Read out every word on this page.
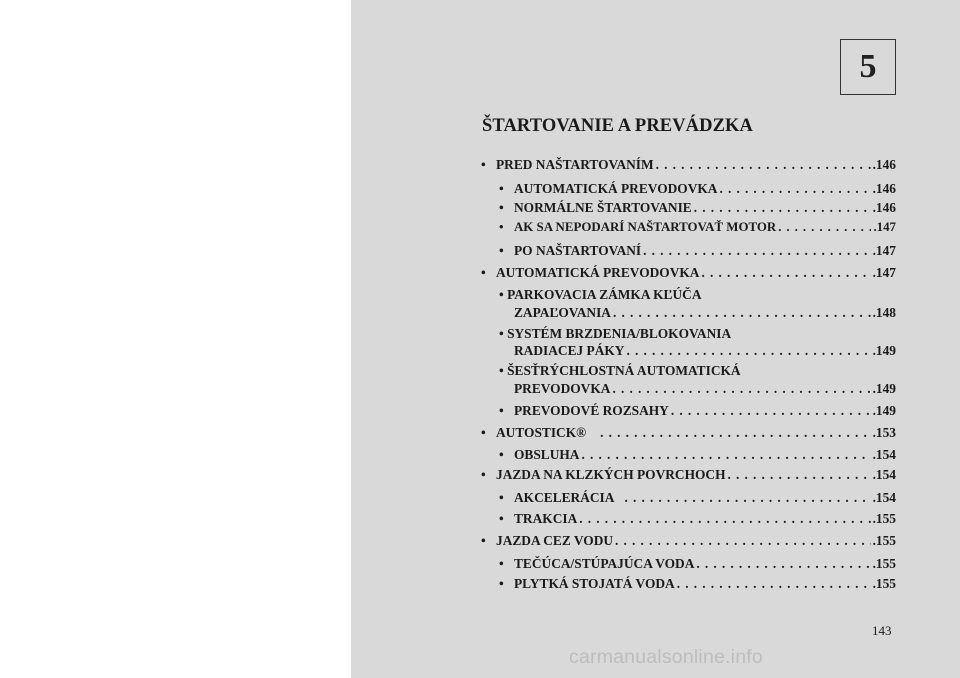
5
ŠTARTOVANIE A PREVÁDZKA
• PRED NAŠTARTOVANÍM . . .	.146
• AUTOMATICKÁ PREVODOVKA . . .	.146
• NORMÁLNE ŠTARTOVANIE . . .	.146
• AK SA NEPODARÍ NAŠTARTOVAŤ MOTOR . . .	.147
• PO NAŠTARTOVANÍ . . .	.147
• AUTOMATICKÁ PREVODOVKA . . .	.147
• PARKOVACIA ZÁMKA KĽÚČA
ZAPAĽOVANIA . . .	.148
• SYSTÉM BRZDENIA/BLOKOVANIA
RADIACEJ PÁKY . . .	.149
• ŠESŤRÝCHLOSTNÁ AUTOMATICKÁ
PREVODOVKA . . .	.149
• PREVODOVÉ ROZSAHY . . .	.149
• AUTOSTICK® . . .	.153
• OBSLUHA . . .	.154
• JAZDA NA KLZKÝCH POVRCHOCH . . .	.154
• AKCELERÁCIA . . .	.154
• TRAKCIA . . .	.155
• JAZDA CEZ VODU . . .	.155
• TEČÚCA/STÚPAJÚCA VODA . . .	.155
• PLYTKÁ STOJATÁ VODA . . .	.155
143
carmanualsonline.info
